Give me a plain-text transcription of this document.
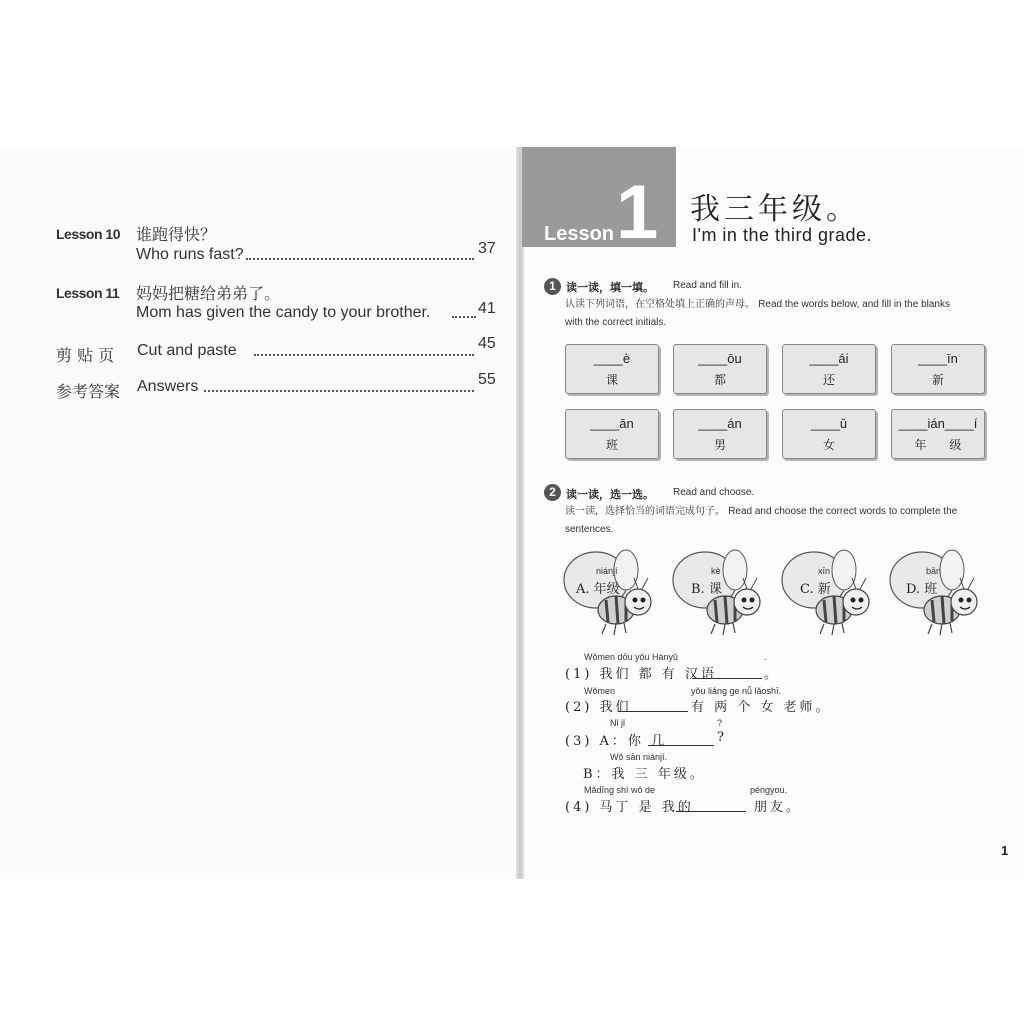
Lesson 10 谁跑得快？
Who runs fast?	37
Lesson 11 妈妈把糖给弟弟了。
Mom has given the candy to your brother.	41
剪 贴 页 Cut and paste	45
参考答案 Answers	55
Lesson 1 我三年级。
I'm in the third grade.
1 读一读，填一填。 Read and fill in.
认读下列词语，在空格处填上正确的声母。 Read the words below, and fill in the blanks
with the correct initials.
____è
课
____ōu
都
____ái
还
____īn
新
____ān
班
____án
男
____ǔ
女
____ián____í
年      级
2 读一读，选一选。 Read and choose.
读一读，选择恰当的词语完成句子。 Read and choose the correct words to complete the
sentences.
niánjí
A. 年级
kè
B. 课
xīn
C. 新
bān
D. 班
Wǒmen dōu yǒu Hànyǔ	.
(1) 我们 都 有 汉语	。
Wǒmen	yǒu liǎng ge nǚ lǎoshī.
(2) 我们	有 两 个 女 老师。
Nǐ jǐ	?
(3) A：你 几	?
Wǒ sān niánjí.
B：我 三 年级。
Mǎdīng shì wǒ de	péngyou.
(4) 马丁 是 我的	朋友。
1
